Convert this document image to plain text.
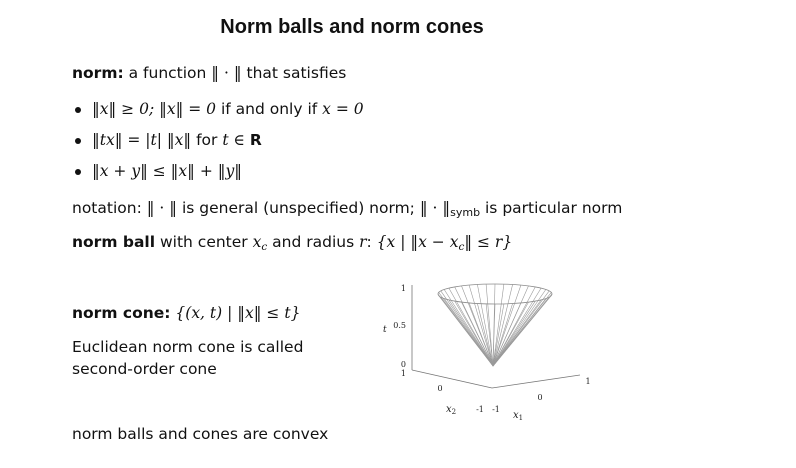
Norm balls and norm cones
norm: a function ‖ · ‖ that satisfies
‖x‖ ≥ 0; ‖x‖ = 0 if and only if x = 0
‖tx‖ = |t| ‖x‖ for t ∈ R
‖x + y‖ ≤ ‖x‖ + ‖y‖
notation: ‖ · ‖ is general (unspecified) norm; ‖ · ‖symb is particular norm
norm ball with center $x_c$ and radius r: {x | ‖x − $x_c‖ \le r$}
norm cone: {(x, t) | ‖x‖ ≤ t}
Euclidean norm cone is called second-order cone
norm balls and cones are convex
1
0.5
t
0
1
0
-1
$x_2$	-1
0
1
$x_1$
